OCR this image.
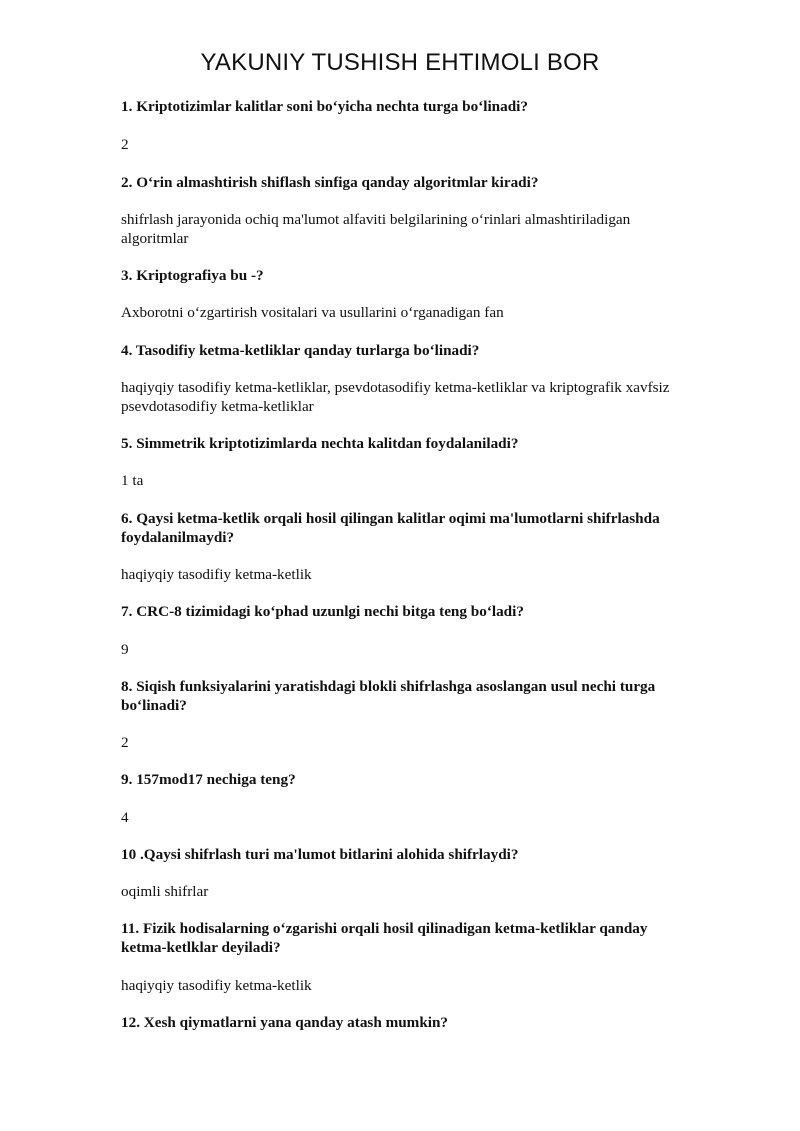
YAKUNIY TUSHISH EHTIMOLI BOR

1. Kriptotizimlar kalitlar soni bo‘yicha nechta turga bo‘linadi?

2

2. O‘rin almashtirish shiflash sinfiga qanday algoritmlar kiradi?

shifrlash jarayonida ochiq ma'lumot alfaviti belgilarining o‘rinlari almashtiriladigan algoritmlar

3. Kriptografiya bu -?

Axborotni o‘zgartirish vositalari va usullarini o‘rganadigan fan

4. Tasodifiy ketma-ketliklar qanday turlarga bo‘linadi?

haqiyqiy tasodifiy ketma-ketliklar, psevdotasodifiy ketma-ketliklar va kriptografik xavfsiz psevdotasodifiy ketma-ketliklar

5. Simmetrik kriptotizimlarda nechta kalitdan foydalaniladi?

1 ta

6. Qaysi ketma-ketlik orqali hosil qilingan kalitlar oqimi ma'lumotlarni shifrlashda foydalanilmaydi?

haqiyqiy tasodifiy ketma-ketlik

7. CRC-8 tizimidagi ko‘phad uzunlgi nechi bitga teng bo‘ladi?

9

8. Siqish funksiyalarini yaratishdagi blokli shifrlashga asoslangan usul nechi turga bo‘linadi?

2

9. 157mod17 nechiga teng?

4

10 .Qaysi shifrlash turi ma'lumot bitlarini alohida shifrlaydi?

oqimli shifrlar

11. Fizik hodisalarning o‘zgarishi orqali hosil qilinadigan ketma-ketliklar qanday ketma-ketlklar deyiladi?

haqiyqiy tasodifiy ketma-ketlik

12. Xesh qiymatlarni yana qanday atash mumkin?
